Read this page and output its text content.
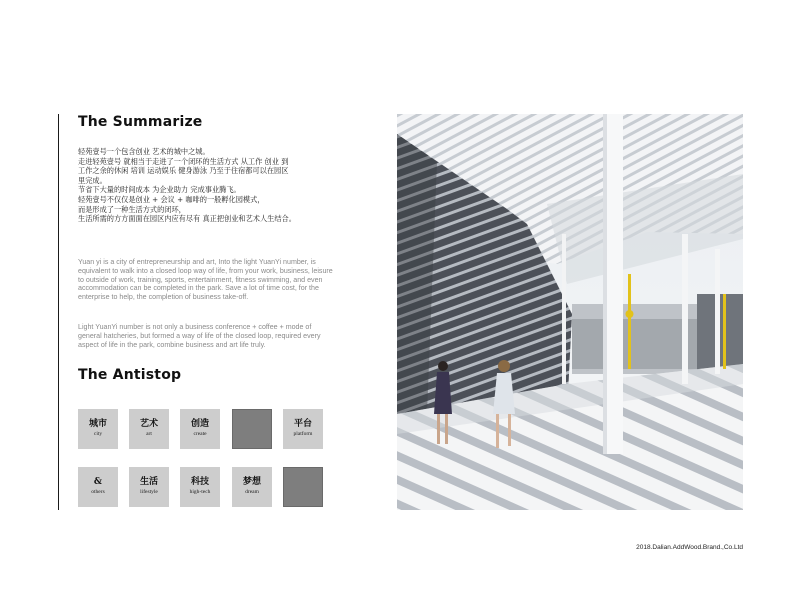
The Summarize
轻苑壹号一个包含创业 艺术的城中之城。
走进轻苑壹号 就相当于走进了一个闭环的生活方式 从工作 创业 到
工作之余的休闲 培训 运动娱乐 健身游泳 乃至于住宿都可以在园区
里完成。
节省下大量的时间成本 为企业助力 完成事业腾飞。
轻苑壹号不仅仅是创业 + 会议 + 咖啡的一般孵化园模式，
而是形成了一种生活方式的闭环，
生活所需的方方面面在园区内应有尽有 真正把创业和艺术人生结合。

Yuan yi is a city of entrepreneurship and art, Into the light YuanYi number, is equivalent to walk into a closed loop way of life, from your work, business, leisure to outside of work, training, sports, entertainment, fitness swimming, and even accommodation can be completed in the park. Save a lot of time cost, for the enterprise to help, the completion of business take-off.

Light YuanYi number is not only a business conference + coffee + mode of general hatcheries, but formed a way of life of the closed loop, required every aspect of life in the park, combine business and art life truly.

The Antistop
城市
city
艺术
art
创造
create
平台
platform
&
others
生活
lifestyle
科技
high-tech
梦想
dream
2018.Dalian.AddWood.Brand.,Co.Ltd
